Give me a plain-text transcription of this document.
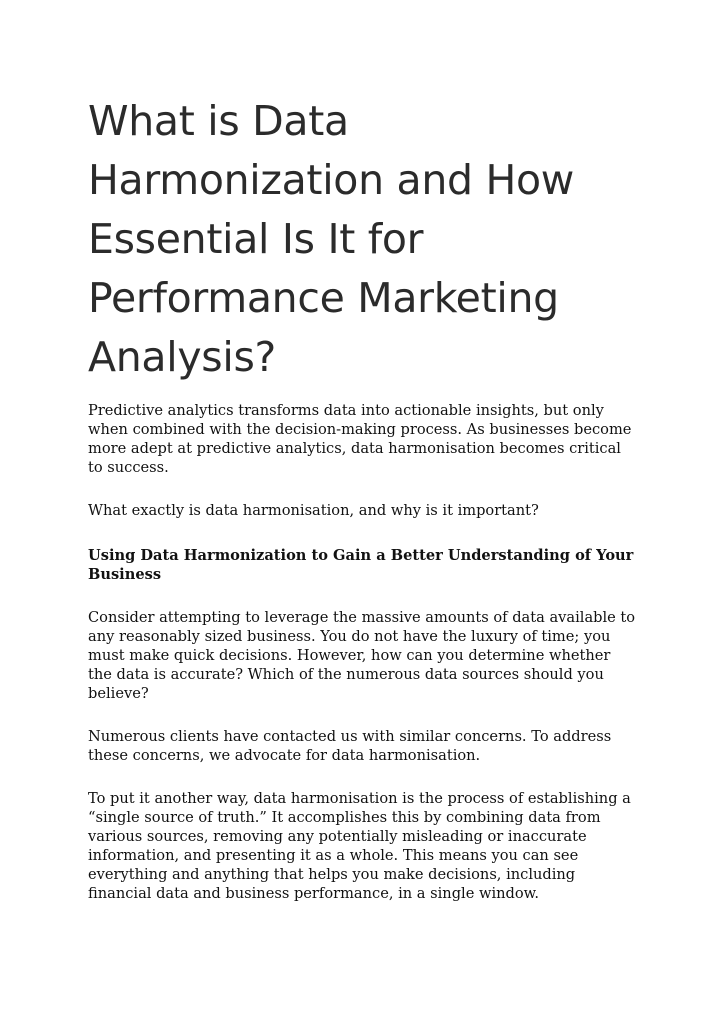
What is Data Harmonization and How Essential Is It for Performance Marketing Analysis?

Predictive analytics transforms data into actionable insights, but only when combined with the decision-making process. As businesses become more adept at predictive analytics, data harmonisation becomes critical to success.

What exactly is data harmonisation, and why is it important?

Using Data Harmonization to Gain a Better Understanding of Your Business

Consider attempting to leverage the massive amounts of data available to any reasonably sized business. You do not have the luxury of time; you must make quick decisions. However, how can you determine whether the data is accurate? Which of the numerous data sources should you believe?

Numerous clients have contacted us with similar concerns. To address these concerns, we advocate for data harmonisation.

To put it another way, data harmonisation is the process of establishing a “single source of truth.” It accomplishes this by combining data from various sources, removing any potentially misleading or inaccurate information, and presenting it as a whole. This means you can see everything and anything that helps you make decisions, including financial data and business performance, in a single window.
